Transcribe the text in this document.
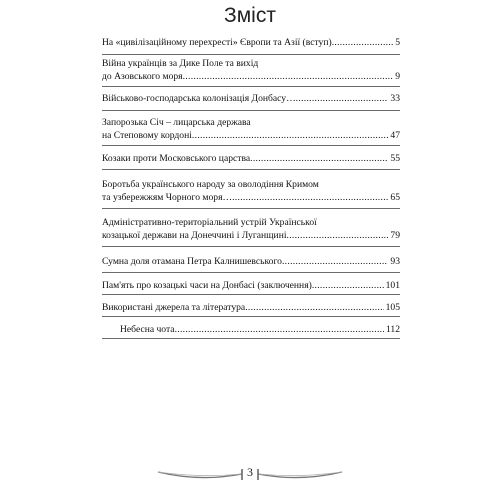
Зміст
На «цивілізаційному перехресті» Європи та Азії (вступ) .....	5
Війна українців за Дике Поле та вихід
до Азовського моря .....	9
Військово-господарська колонізація Донбасу… .....	33
Запорозька Січ – лицарська держава
на Степовому кордоні .....	47
Козаки проти Московського царства .....	55
Боротьба українського народу за оволодіння Кримом
та узбережжям Чорного моря… .....	65
Адміністративно-територіальний устрій Української
козацької держави на Донеччині і Луганщині .....	79
Сумна доля отамана Петра Калнишевського .....	93
Пам'ять про козацькі часи на Донбасі (заключення) .....	101
Використані джерела та література .....	105
Небесна чота .....	112
3
